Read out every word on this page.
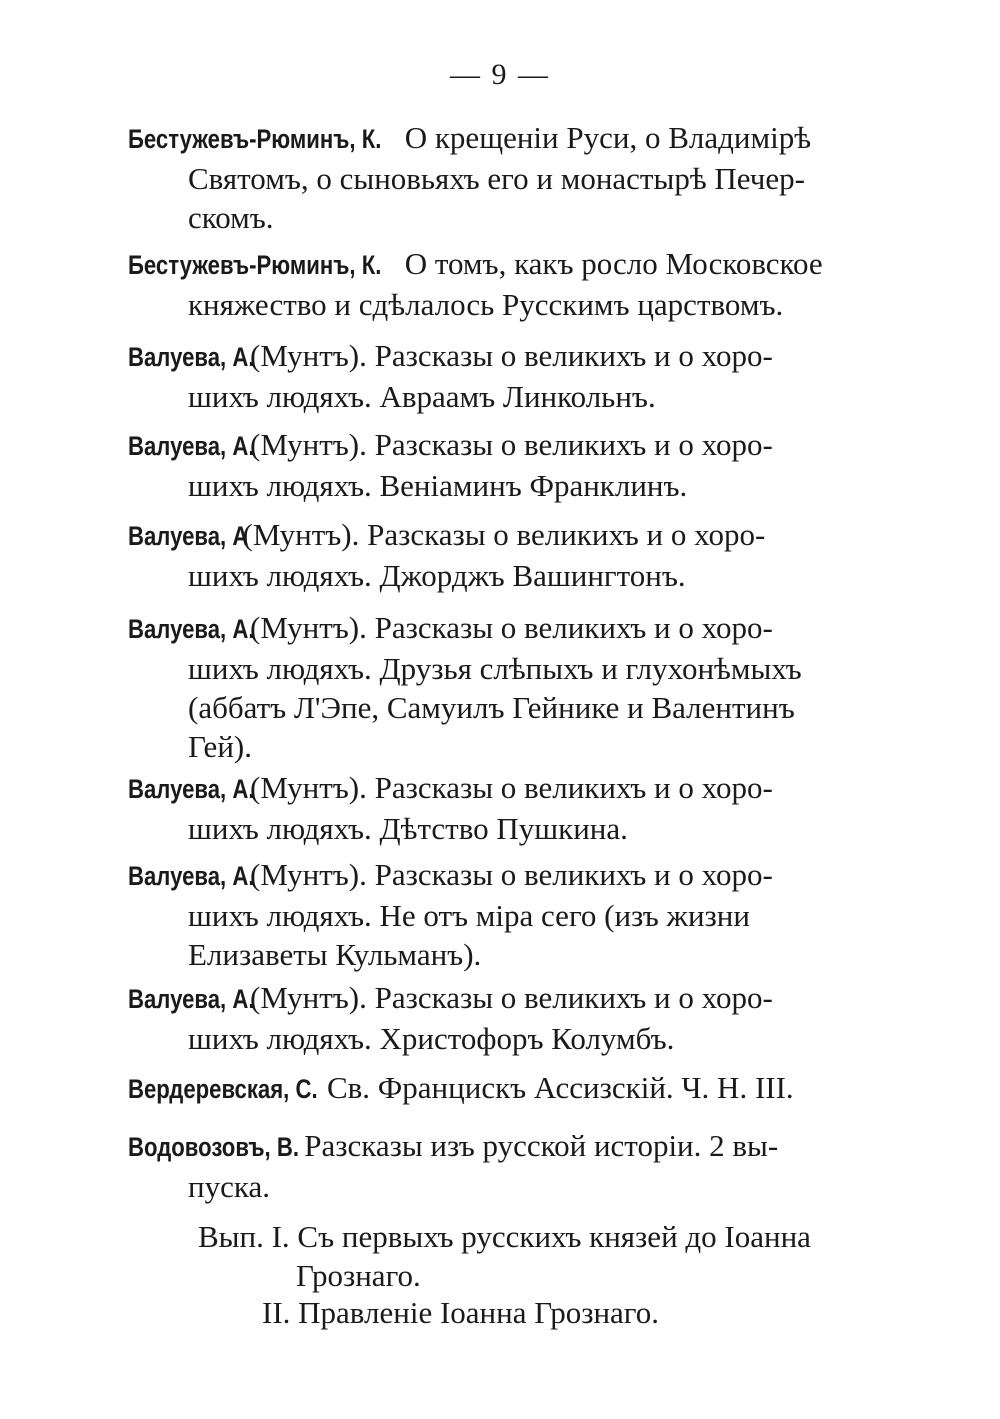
— 9 —
Бестужевъ-Рюминъ, К. О крещенiи Руси, о Владимiрѣ
Святомъ, о сыновьяхъ его и монастырѣ Печер-
скомъ.
Бестужевъ-Рюминъ, К. О томъ, какъ росло Московское
княжество и сдѣлалось Русскимъ царствомъ.
Валуева, А. (Мунтъ). Разсказы о великихъ и о хоро-
шихъ людяхъ. Авраамъ Линкольнъ.
Валуева, А. (Мунтъ). Разсказы о великихъ и о хоро-
шихъ людяхъ. Веніаминъ Франклинъ.
Валуева, А (Мунтъ). Разсказы о великихъ и о хоро-
шихъ людяхъ. Джорджъ Вашингтонъ.
Валуева, А. (Мунтъ). Разсказы о великихъ и о хоро-
шихъ людяхъ. Друзья слѣпыхъ и глухонѣмыхъ
(аббатъ Л'Эпе, Самуилъ Гейнике и Валентинъ
Гей).
Валуева, А. (Мунтъ). Разсказы о великихъ и о хоро-
шихъ людяхъ. Дѣтство Пушкина.
Валуева, А. (Мунтъ). Разсказы о великихъ и о хоро-
шихъ людяхъ. Не отъ мiра сего (изъ жизни
Елизаветы Кульманъ).
Валуева, А. (Мунтъ). Разсказы о великихъ и о хоро-
шихъ людяхъ. Христофоръ Колумбъ.
Вердеревская, С. Св. Францискъ Ассизскій. Ч. Н. III.
Водовозовъ, В. Разсказы изъ русской исторіи. 2 вы-
пуска.
Вып. I. Съ первыхъ русскихъ князей до Іоанна
Грознаго.
II. Правленіе Іоанна Грознаго.
